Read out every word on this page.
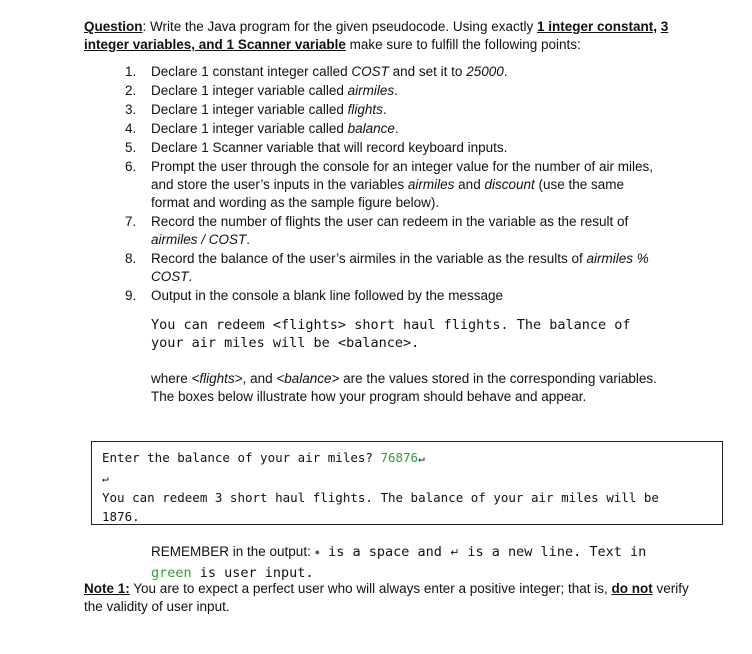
Question: Write the Java program for the given pseudocode. Using exactly 1 integer constant, 3 integer variables, and 1 Scanner variable make sure to fulfill the following points:
1. Declare 1 constant integer called COST and set it to 25000.
2. Declare 1 integer variable called airmiles.
3. Declare 1 integer variable called flights.
4. Declare 1 integer variable called balance.
5. Declare 1 Scanner variable that will record keyboard inputs.
6. Prompt the user through the console for an integer value for the number of air miles, and store the user’s inputs in the variables airmiles and discount (use the same format and wording as the sample figure below).
7. Record the number of flights the user can redeem in the variable as the result of airmiles / COST.
8. Record the balance of the user’s airmiles in the variable as the results of airmiles % COST.
9. Output in the console a blank line followed by the message
You can redeem <flights> short haul flights. The balance of
your air miles will be <balance>.
where <flights>, and <balance> are the values stored in the corresponding variables.
The boxes below illustrate how your program should behave and appear.
Enter the balance of your air miles? 76876↵
↵
You can redeem 3 short haul flights. The balance of your air miles will be
1876.
REMEMBER in the output: ● is a space and ↵ is a new line. Text in
green is user input.
Note 1: You are to expect a perfect user who will always enter a positive integer; that is, do not verify the validity of user input.
